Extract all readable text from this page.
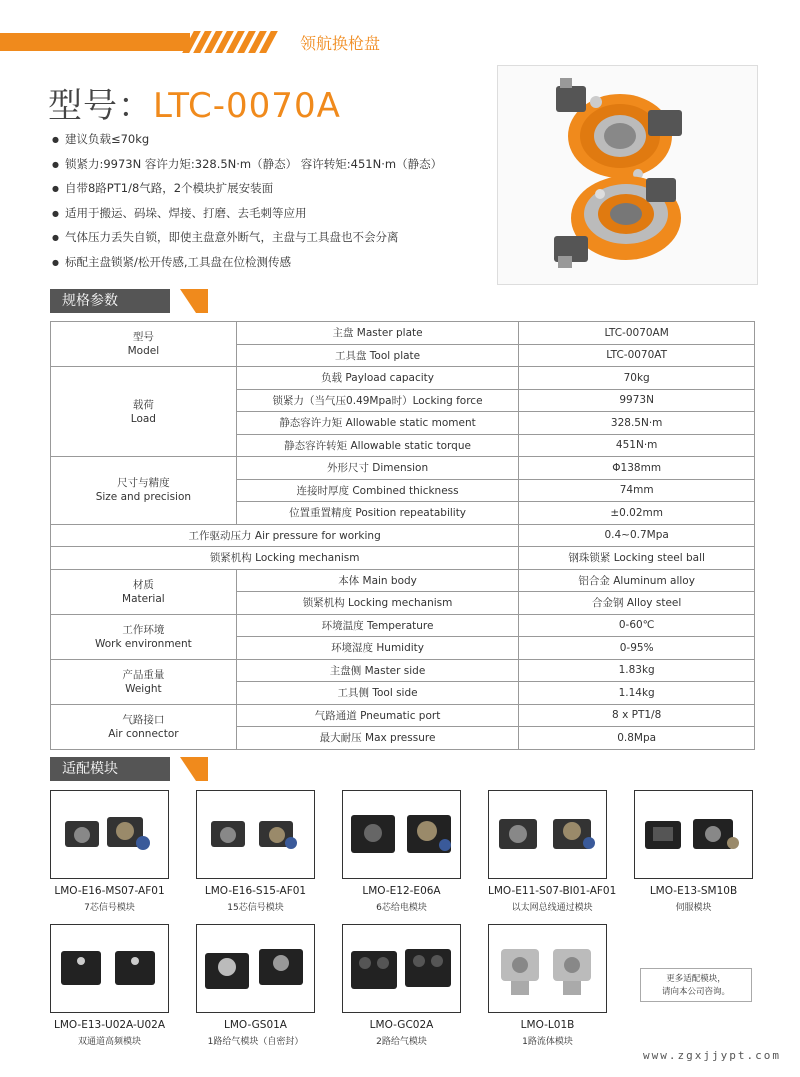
领航换枪盘
型号：LTC-0070A
● 建议负载≤70kg
● 锁紧力:9973N 容许力矩:328.5N·m（静态） 容许转矩:451N·m（静态）
● 自带8路PT1/8气路，2个模块扩展安装面
● 适用于搬运、码垛、焊接、打磨、去毛刺等应用
● 气体压力丢失自锁，即使主盘意外断气，主盘与工具盘也不会分离
● 标配主盘锁紧/松开传感,工具盘在位检测传感
规格参数
型号
Model	主盘 Master plate	LTC-0070AM
	工具盘 Tool plate	LTC-0070AT

载荷
Load	负载 Payload capacity	70kg
	锁紧力（当气压0.49Mpa时）Locking force	9973N
	静态容许力矩 Allowable static moment	328.5N·m
	静态容许转矩 Allowable static torque	451N·m

尺寸与精度
Size and precision	外形尺寸 Dimension	Φ138mm
	连接时厚度 Combined thickness	74mm
	位置重置精度 Position repeatability	±0.02mm
工作驱动压力 Air pressure for working		0.4~0.7Mpa
锁紧机构 Locking mechanism		钢珠锁紧 Locking steel ball

材质
Material	本体 Main body	铝合金 Aluminum alloy
	锁紧机构 Locking mechanism	合金钢 Alloy steel

工作环境
Work environment	环境温度 Temperature	0-60℃
	环境湿度 Humidity	0-95%

产品重量
Weight	主盘侧 Master side	1.83kg
	工具侧 Tool side	1.14kg

气路接口
Air connector	气路通道 Pneumatic port	8 x PT1/8
	最大耐压 Max pressure	0.8Mpa
适配模块
LMO-E16-MS07-AF01
7芯信号模块
LMO-E16-S15-AF01
15芯信号模块
LMO-E12-E06A
6芯给电模块
LMO-E11-S07-BI01-AF01
以太网总线通过模块
LMO-E13-SM10B
伺服模块
LMO-E13-U02A-U02A
双通道高频模块
LMO-GS01A
1路给气模块（自密封）
LMO-GC02A
2路给气模块
LMO-L01B
1路流体模块
更多适配模块，
请向本公司咨询。
www.zgxjjypt.com
